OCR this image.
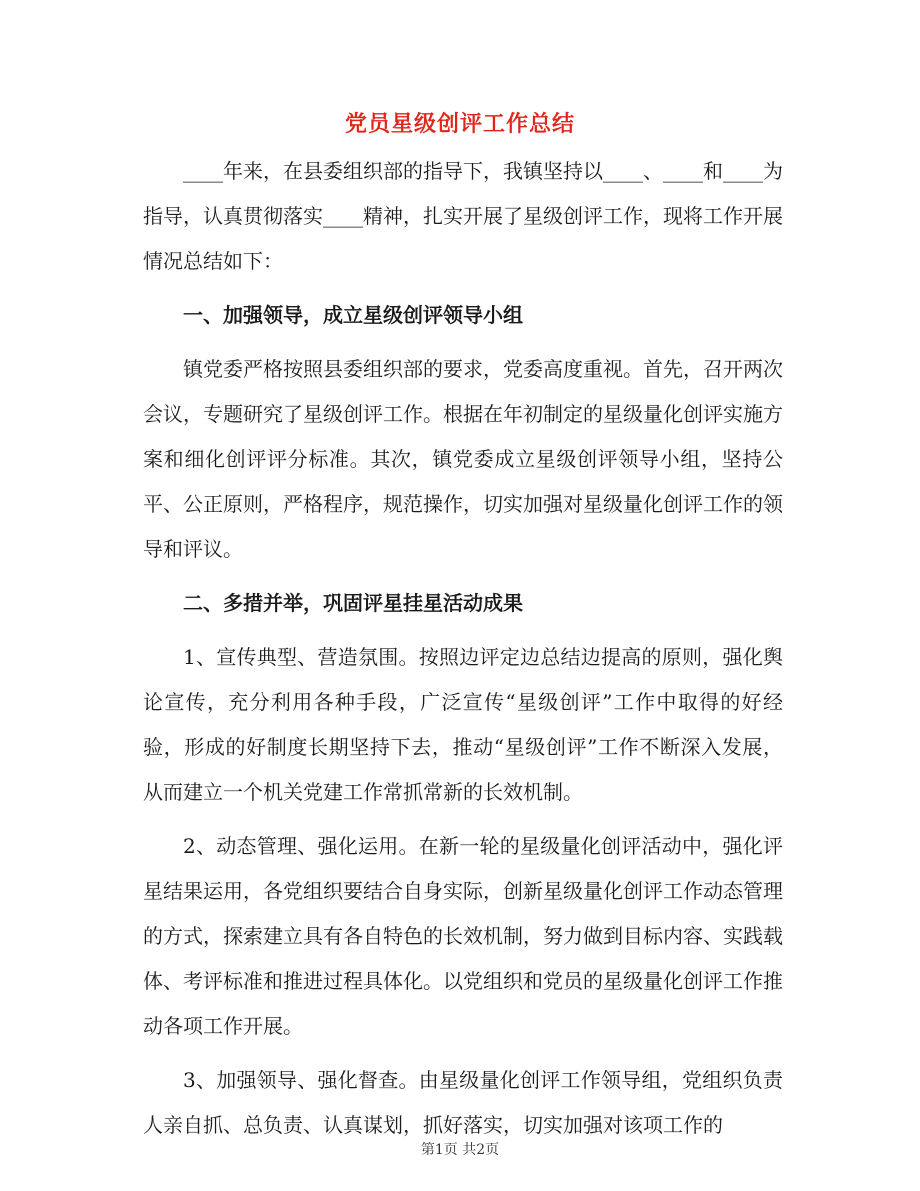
党员星级创评工作总结

____年来，在县委组织部的指导下，我镇坚持以____、____和____为指导，认真贯彻落实____精神，扎实开展了星级创评工作，现将工作开展情况总结如下：

一、加强领导，成立星级创评领导小组

镇党委严格按照县委组织部的要求，党委高度重视。首先，召开两次会议，专题研究了星级创评工作。根据在年初制定的星级量化创评实施方案和细化创评评分标准。其次，镇党委成立星级创评领导小组，坚持公平、公正原则，严格程序，规范操作，切实加强对星级量化创评工作的领导和评议。

二、多措并举，巩固评星挂星活动成果

1、宣传典型、营造氛围。按照边评定边总结边提高的原则，强化舆论宣传，充分利用各种手段，广泛宣传“星级创评”工作中取得的好经验，形成的好制度长期坚持下去，推动“星级创评”工作不断深入发展，从而建立一个机关党建工作常抓常新的长效机制。

2、动态管理、强化运用。在新一轮的星级量化创评活动中，强化评星结果运用，各党组织要结合自身实际，创新星级量化创评工作动态管理的方式，探索建立具有各自特色的长效机制，努力做到目标内容、实践载体、考评标准和推进过程具体化。以党组织和党员的星级量化创评工作推动各项工作开展。

3、加强领导、强化督查。由星级量化创评工作领导组，党组织负责人亲自抓、总负责、认真谋划，抓好落实，切实加强对该项工作的

第1页 共2页
